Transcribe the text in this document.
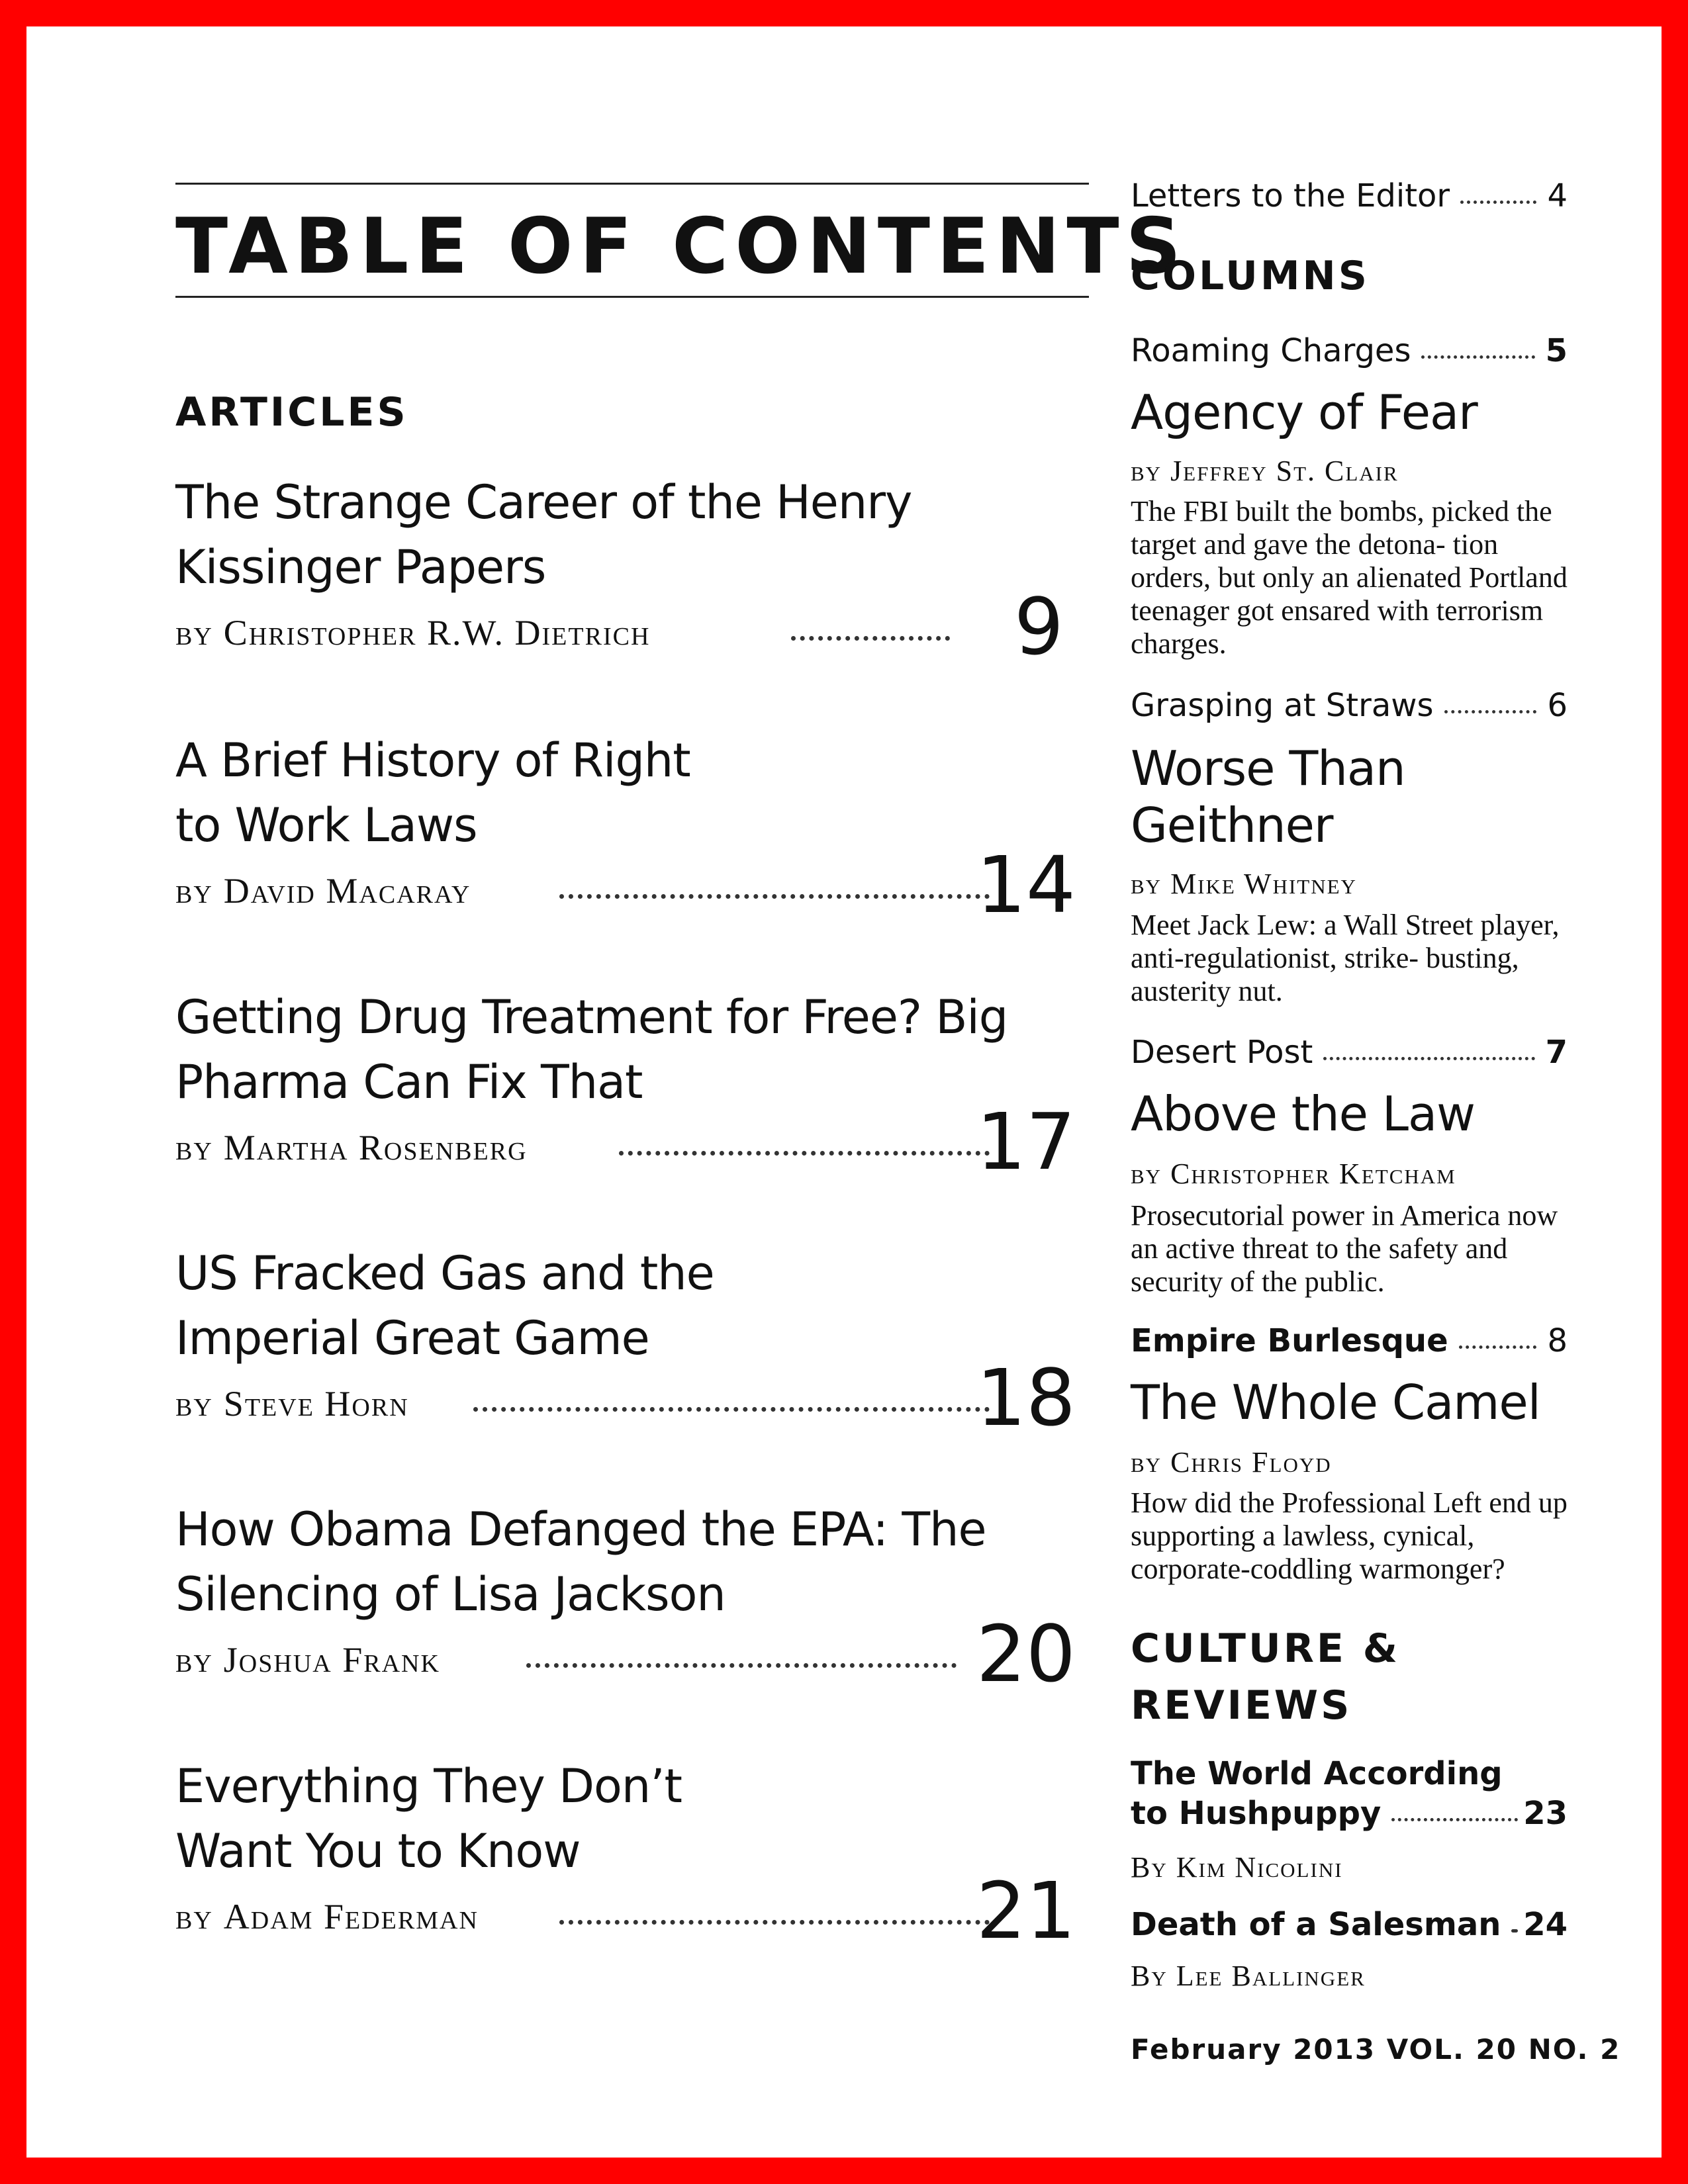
TABLE OF CONTENTS
ARTICLES
The Strange Career of the Henry Kissinger Papers
by Christopher R.W. Dietrich	9
A Brief History of Right to Work Laws
by David Macaray	14
Getting Drug Treatment for Free? Big Pharma Can Fix That
by Martha Rosenberg	17
US Fracked Gas and the Imperial Great Game
by Steve Horn	18
How Obama Defanged the EPA: The Silencing of Lisa Jackson
by Joshua Frank	20
Everything They Don’t Want You to Know
by Adam Federman	21
Letters to the Editor	4
COLUMNS
Roaming Charges	5
Agency of Fear
by Jeffrey St. Clair
The FBI built the bombs, picked the target and gave the detona- tion orders, but only an alienated Portland teenager got ensared with terrorism charges.
Grasping at Straws	6
Worse Than Geithner
by Mike Whitney
Meet Jack Lew: a Wall Street player, anti-regulationist, strike- busting, austerity nut.
Desert Post	7
Above the Law
by Christopher Ketcham
Prosecutorial power in America now an active threat to the safety and security of the public.
Empire Burlesque	8
The Whole Camel
by Chris Floyd
How did the Professional Left end up supporting a lawless, cynical, corporate-coddling warmonger?
CULTURE & REVIEWS
The World According
to Hushpuppy	23
By Kim Nicolini
Death of a Salesman 24
By Lee Ballinger
February 2013 VOL. 20 NO. 2
